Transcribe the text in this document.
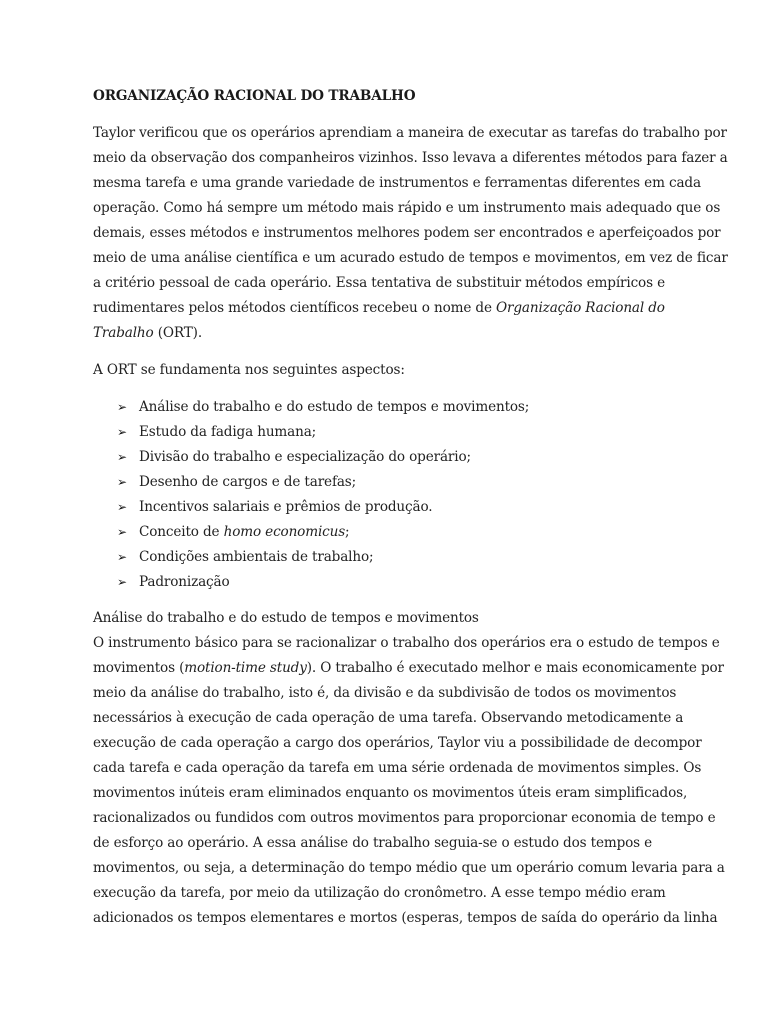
ORGANIZAÇÃO RACIONAL DO TRABALHO

Taylor verificou que os operários aprendiam a maneira de executar as tarefas do trabalho por
meio da observação dos companheiros vizinhos. Isso levava a diferentes métodos para fazer a
mesma tarefa e uma grande variedade de instrumentos e ferramentas diferentes em cada
operação. Como há sempre um método mais rápido e um instrumento mais adequado que os
demais, esses métodos e instrumentos melhores podem ser encontrados e aperfeiçoados por
meio de uma análise científica e um acurado estudo de tempos e movimentos, em vez de ficar
a critério pessoal de cada operário. Essa tentativa de substituir métodos empíricos e
rudimentares pelos métodos científicos recebeu o nome de Organização Racional do
Trabalho (ORT).

A ORT se fundamenta nos seguintes aspectos:

➢ Análise do trabalho e do estudo de tempos e movimentos;
➢ Estudo da fadiga humana;
➢ Divisão do trabalho e especialização do operário;
➢ Desenho de cargos e de tarefas;
➢ Incentivos salariais e prêmios de produção.
➢ Conceito de homo economicus;
➢ Condições ambientais de trabalho;
➢ Padronização

Análise do trabalho e do estudo de tempos e movimentos

O instrumento básico para se racionalizar o trabalho dos operários era o estudo de tempos e
movimentos (motion-time study). O trabalho é executado melhor e mais economicamente por
meio da análise do trabalho, isto é, da divisão e da subdivisão de todos os movimentos
necessários à execução de cada operação de uma tarefa. Observando metodicamente a
execução de cada operação a cargo dos operários, Taylor viu a possibilidade de decompor
cada tarefa e cada operação da tarefa em uma série ordenada de movimentos simples. Os
movimentos inúteis eram eliminados enquanto os movimentos úteis eram simplificados,
racionalizados ou fundidos com outros movimentos para proporcionar economia de tempo e
de esforço ao operário. A essa análise do trabalho seguia-se o estudo dos tempos e
movimentos, ou seja, a determinação do tempo médio que um operário comum levaria para a
execução da tarefa, por meio da utilização do cronômetro. A esse tempo médio eram
adicionados os tempos elementares e mortos (esperas, tempos de saída do operário da linha
